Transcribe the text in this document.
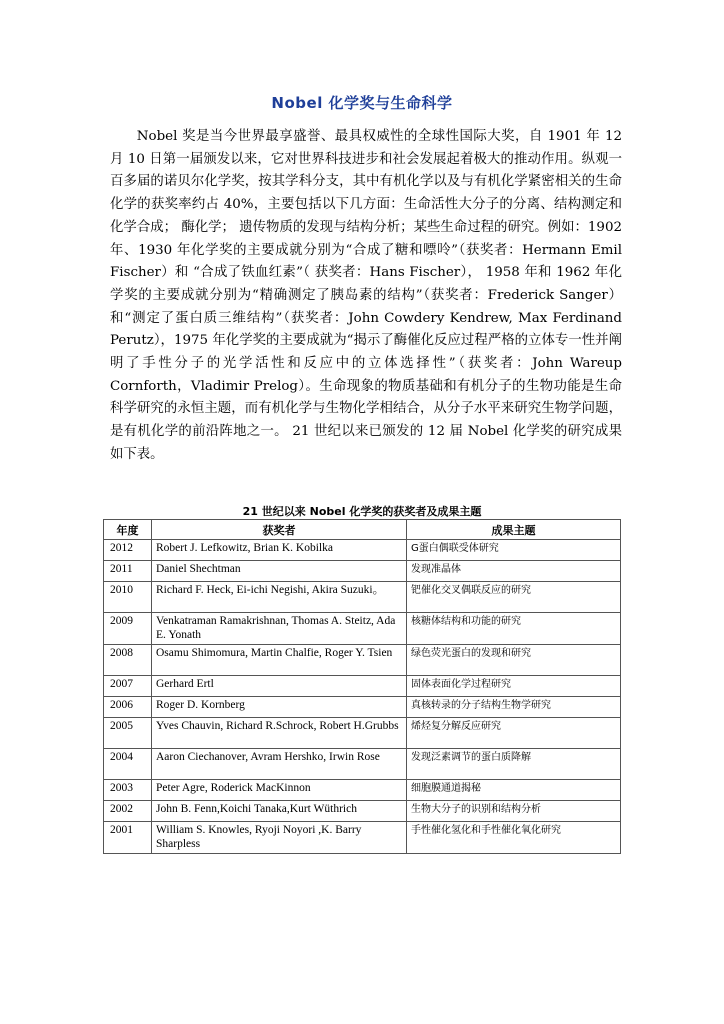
Nobel 化学奖与生命科学
Nobel 奖是当今世界最享盛誉、最具权威性的全球性国际大奖，自 1901 年 12 月 10 日第一届颁发以来，它对世界科技进步和社会发展起着极大的推动作用。纵观一百多届的诺贝尔化学奖，按其学科分支，其中有机化学以及与有机化学紧密相关的生命化学的获奖率约占 40%，主要包括以下几方面：生命活性大分子的分离、结构测定和化学合成； 酶化学； 遗传物质的发现与结构分析；某些生命过程的研究。例如：1902 年、1930 年化学奖的主要成就分别为“合成了糖和嘌呤”（获奖者：Hermann Emil Fischer）和 “合成了铁血红素”（ 获奖者：Hans Fischer）， 1958 年和 1962 年化学奖的主要成就分别为“精确测定了胰岛素的结构”（获奖者：Frederick Sanger）和“测定了蛋白质三维结构”（获奖者：John Cowdery Kendrew, Max Ferdinand Perutz），1975 年化学奖的主要成就为“揭示了酶催化反应过程严格的立体专一性并阐明了手性分子的光学活性和反应中的立体选择性”（获奖者：John Wareup Cornforth，Vladimir Prelog）。生命现象的物质基础和有机分子的生物功能是生命科学研究的永恒主题，而有机化学与生物化学相结合，从分子水平来研究生物学问题，是有机化学的前沿阵地之一。 21 世纪以来已颁发的 12 届 Nobel 化学奖的研究成果如下表。
21 世纪以来 Nobel 化学奖的获奖者及成果主题
年度	获奖者	成果主题
2012	Robert J. Lefkowitz, Brian K. Kobilka	G蛋白偶联受体研究
2011	Daniel Shechtman	发现准晶体
2010	Richard F. Heck, Ei-ichi Negishi, Akira Suzuki。	钯催化交叉偶联反应的研究
2009	Venkatraman Ramakrishnan, Thomas A. Steitz, Ada E. Yonath	核糖体结构和功能的研究
2008	Osamu Shimomura, Martin Chalfie, Roger Y. Tsien	绿色荧光蛋白的发现和研究
2007	Gerhard Ertl	固体表面化学过程研究
2006	Roger D. Kornberg	真核转录的分子结构生物学研究
2005	Yves Chauvin, Richard R.Schrock, Robert H.Grubbs	烯烃复分解反应研究
2004	Aaron Ciechanover, Avram Hershko, Irwin Rose	发现泛素调节的蛋白质降解
2003	Peter Agre, Roderick MacKinnon	细胞膜通道揭秘
2002	John B. Fenn,Koichi Tanaka,Kurt Wüthrich	生物大分子的识别和结构分析
2001	William S. Knowles, Ryoji Noyori ,K. Barry Sharpless	手性催化氢化和手性催化氧化研究
